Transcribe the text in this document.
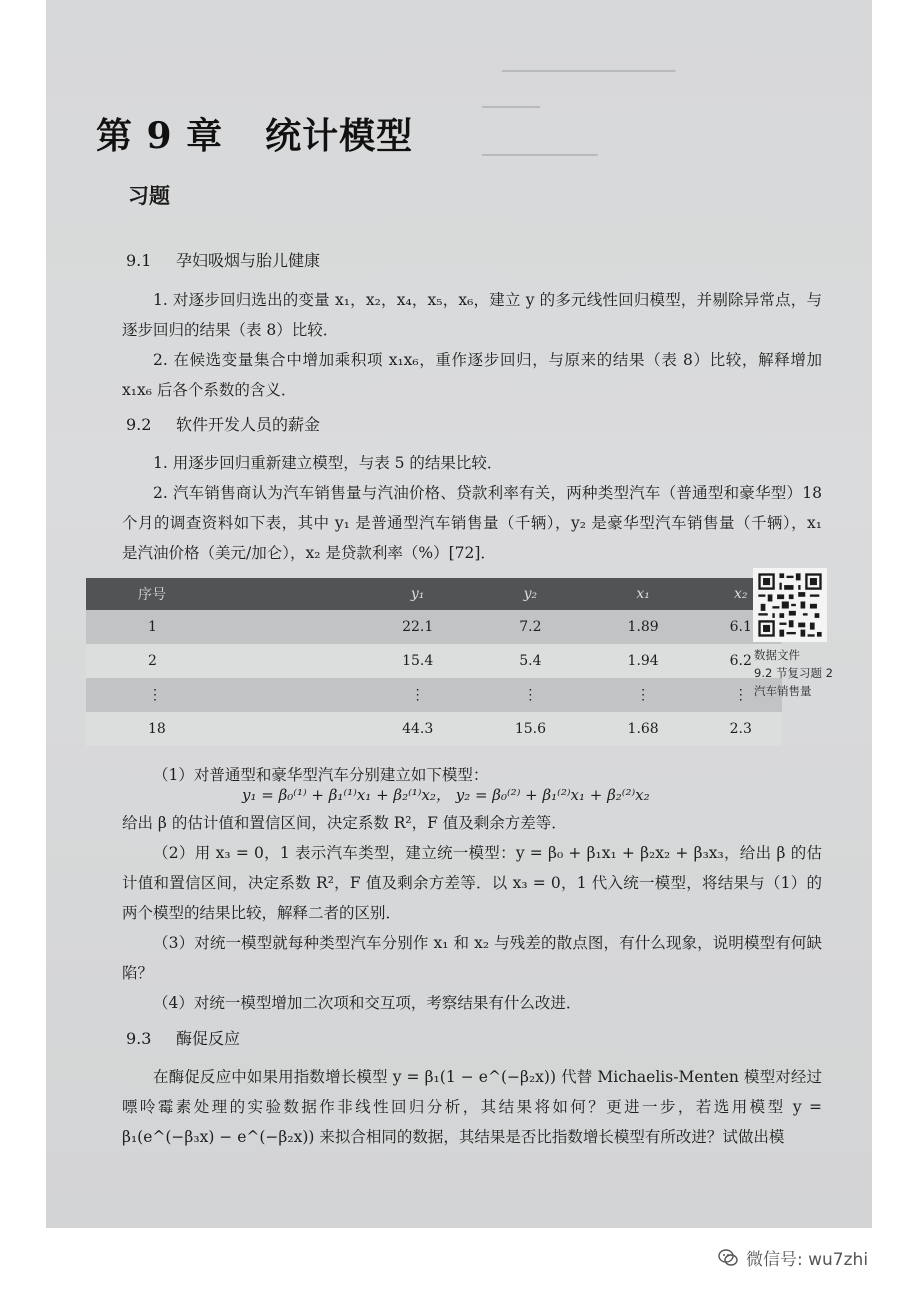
━━━━━━━━━━━━━━━━━━━━━━━━
━━━━━━━━
━━━━━━━━━━━━━━━━
第 9 章 统计模型
习题
9.1 孕妇吸烟与胎儿健康
1. 对逐步回归选出的变量 x₁，x₂，x₄，x₅，x₆，建立 y 的多元线性回归模型，并剔除异常点，与逐步回归的结果（表 8）比较．
2. 在候选变量集合中增加乘积项 x₁x₆，重作逐步回归，与原来的结果（表 8）比较，解释增加 x₁x₆ 后各个系数的含义．
9.2 软件开发人员的薪金
1. 用逐步回归重新建立模型，与表 5 的结果比较．
2. 汽车销售商认为汽车销售量与汽油价格、贷款利率有关，两种类型汽车（普通型和豪华型）18 个月的调查资料如下表，其中 y₁ 是普通型汽车销售量（千辆），y₂ 是豪华型汽车销售量（千辆），x₁ 是汽油价格（美元/加仑），x₂ 是贷款利率（%）[72]．
序号	y₁	y₂	x₁	x₂
1	22.1	7.2	1.89	6.1
2	15.4	5.4	1.94	6.2
⋮	⋮	⋮	⋮	⋮
18	44.3	15.6	1.68	2.3
数据文件
9.2 节复习题 2
汽车销售量
（1）对普通型和豪华型汽车分别建立如下模型：
y₁ = β₀⁽¹⁾ + β₁⁽¹⁾x₁ + β₂⁽¹⁾x₂， y₂ = β₀⁽²⁾ + β₁⁽²⁾x₁ + β₂⁽²⁾x₂
给出 β 的估计值和置信区间，决定系数 R²，F 值及剩余方差等．
（2）用 x₃ = 0，1 表示汽车类型，建立统一模型：y = β₀ + β₁x₁ + β₂x₂ + β₃x₃，给出 β 的估计值和置信区间，决定系数 R²，F 值及剩余方差等．以 x₃ = 0，1 代入统一模型，将结果与（1）的两个模型的结果比较，解释二者的区别．
（3）对统一模型就每种类型汽车分别作 x₁ 和 x₂ 与残差的散点图，有什么现象，说明模型有何缺陷？
（4）对统一模型增加二次项和交互项，考察结果有什么改进．
9.3 酶促反应
在酶促反应中如果用指数增长模型 y = β₁(1 − e^(−β₂x)) 代替 Michaelis-Menten 模型对经过嘌呤霉素处理的实验数据作非线性回归分析，其结果将如何？更进一步，若选用模型 y = β₁(e^(−β₃x) − e^(−β₂x)) 来拟合相同的数据，其结果是否比指数增长模型有所改进？试做出模
微信号: wu7zhi
